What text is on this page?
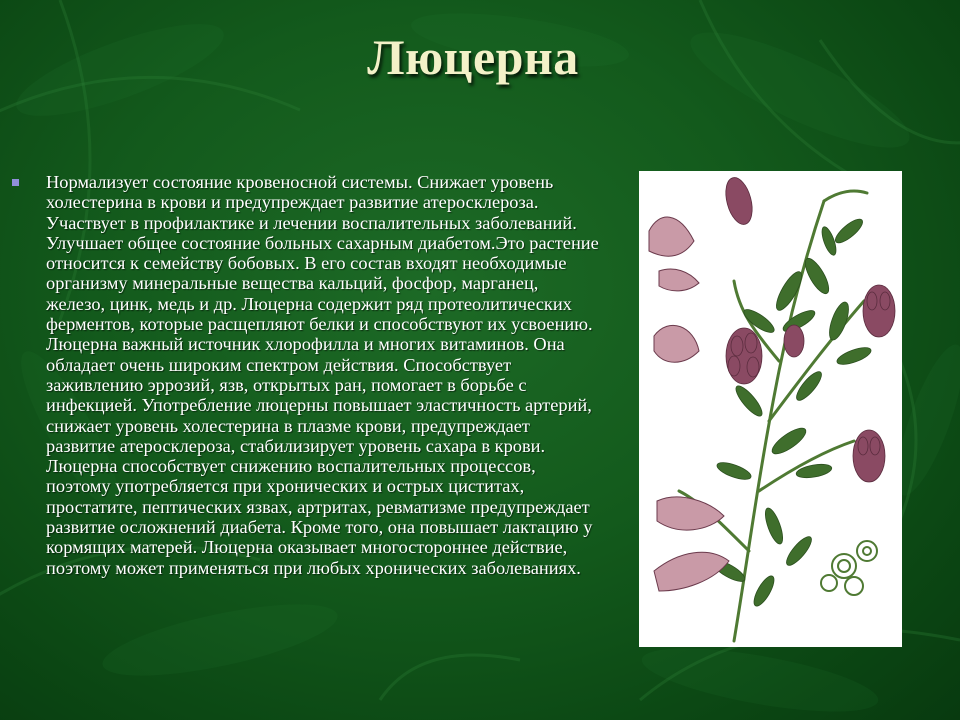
Люцерна

Нормализует состояние кровеносной системы. Снижает уровень холестерина в крови и предупреждает развитие атеросклероза. Участвует в профилактике и лечении воспалительных заболеваний. Улучшает общее состояние больных сахарным диабетом.Это растение относится к семейству бобовых. В его состав входят необходимые организму минеральные вещества кальций, фосфор, марганец, железо, цинк, медь и др. Люцерна содержит ряд протеолитических ферментов, которые расщепляют белки и способствуют их усвоению. Люцерна важный источник хлорофилла и многих витаминов. Она обладает очень широким спектром действия. Способствует заживлению эррозий, язв, открытых ран, помогает в борьбе с инфекцией. Употребление люцерны повышает эластичность артерий, снижает уровень холестерина в плазме крови, предупреждает развитие атеросклероза, стабилизирует уровень сахара в крови. Люцерна способствует снижению воспалительных процессов, поэтому употребляется при хронических и острых циститах, простатите, пептических язвах, артритах, ревматизме предупреждает развитие осложнений диабета. Кроме того, она повышает лактацию у кормящих матерей. Люцерна оказывает многостороннее действие, поэтому может применяться при любых хронических заболеваниях.
